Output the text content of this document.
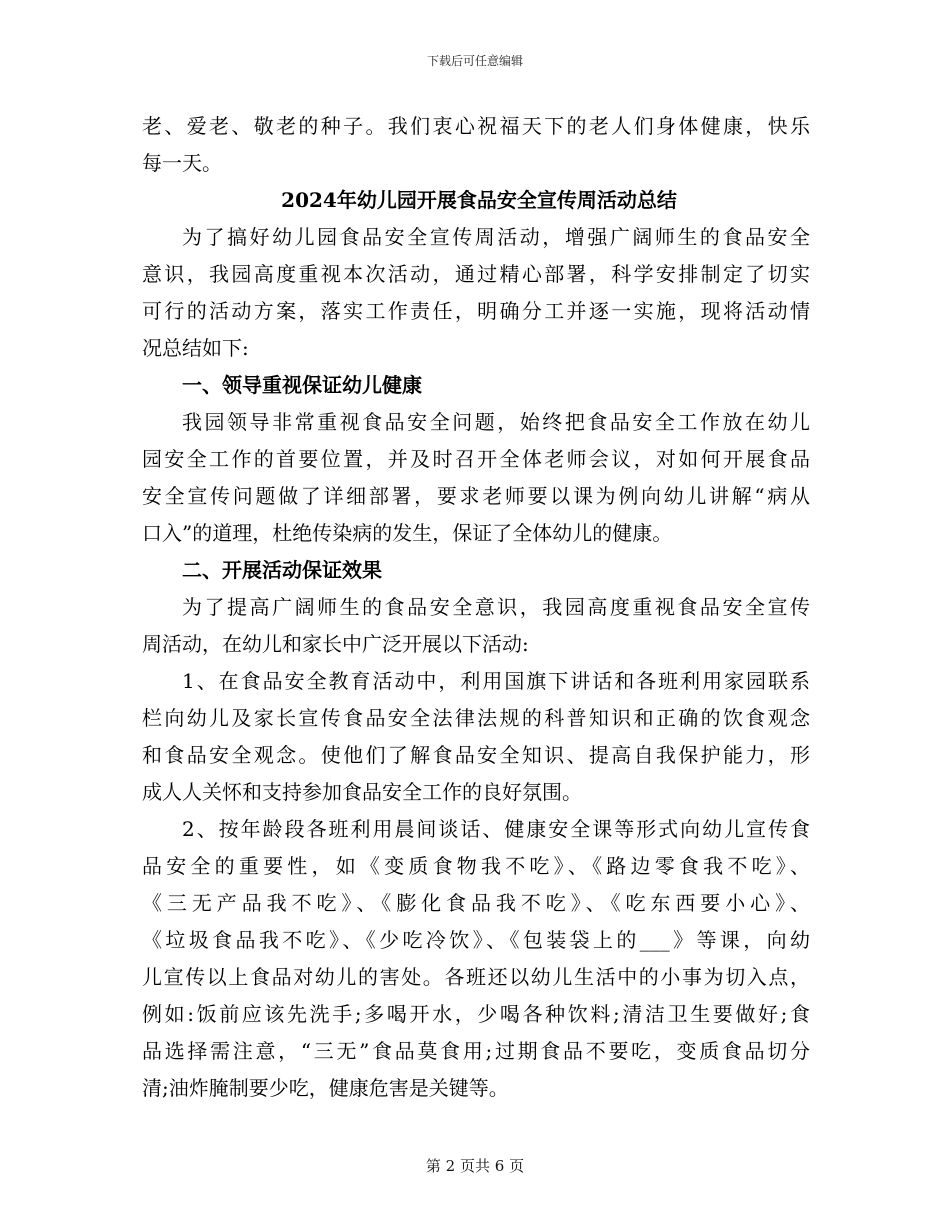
下载后可任意编辑
老、爱老、敬老的种子。我们衷心祝福天下的老人们身体健康，快乐
每一天。
2024年幼儿园开展食品安全宣传周活动总结
为了搞好幼儿园食品安全宣传周活动，增强广阔师生的食品安全
意识，我园高度重视本次活动，通过精心部署，科学安排制定了切实
可行的活动方案，落实工作责任，明确分工并逐一实施，现将活动情
况总结如下:
一、领导重视保证幼儿健康
我园领导非常重视食品安全问题，始终把食品安全工作放在幼儿
园安全工作的首要位置，并及时召开全体老师会议，对如何开展食品
安全宣传问题做了详细部署，要求老师要以课为例向幼儿讲解“病从
口入”的道理，杜绝传染病的发生，保证了全体幼儿的健康。
二、开展活动保证效果
为了提高广阔师生的食品安全意识，我园高度重视食品安全宣传
周活动，在幼儿和家长中广泛开展以下活动:
1、在食品安全教育活动中，利用国旗下讲话和各班利用家园联系
栏向幼儿及家长宣传食品安全法律法规的科普知识和正确的饮食观念
和食品安全观念。使他们了解食品安全知识、提高自我保护能力，形
成人人关怀和支持参加食品安全工作的良好氛围。
2、按年龄段各班利用晨间谈话、健康安全课等形式向幼儿宣传食
品安全的重要性，如《变质食物我不吃》、《路边零食我不吃》、
《三无产品我不吃》、《膨化食品我不吃》、《吃东西要小心》、
《垃圾食品我不吃》、《少吃冷饮》、《包装袋上的___》等课，向幼
儿宣传以上食品对幼儿的害处。各班还以幼儿生活中的小事为切入点，
例如:饭前应该先洗手;多喝开水，少喝各种饮料;清洁卫生要做好;食
品选择需注意，“三无”食品莫食用;过期食品不要吃，变质食品切分
清;油炸腌制要少吃，健康危害是关键等。
第 2 页共 6 页
